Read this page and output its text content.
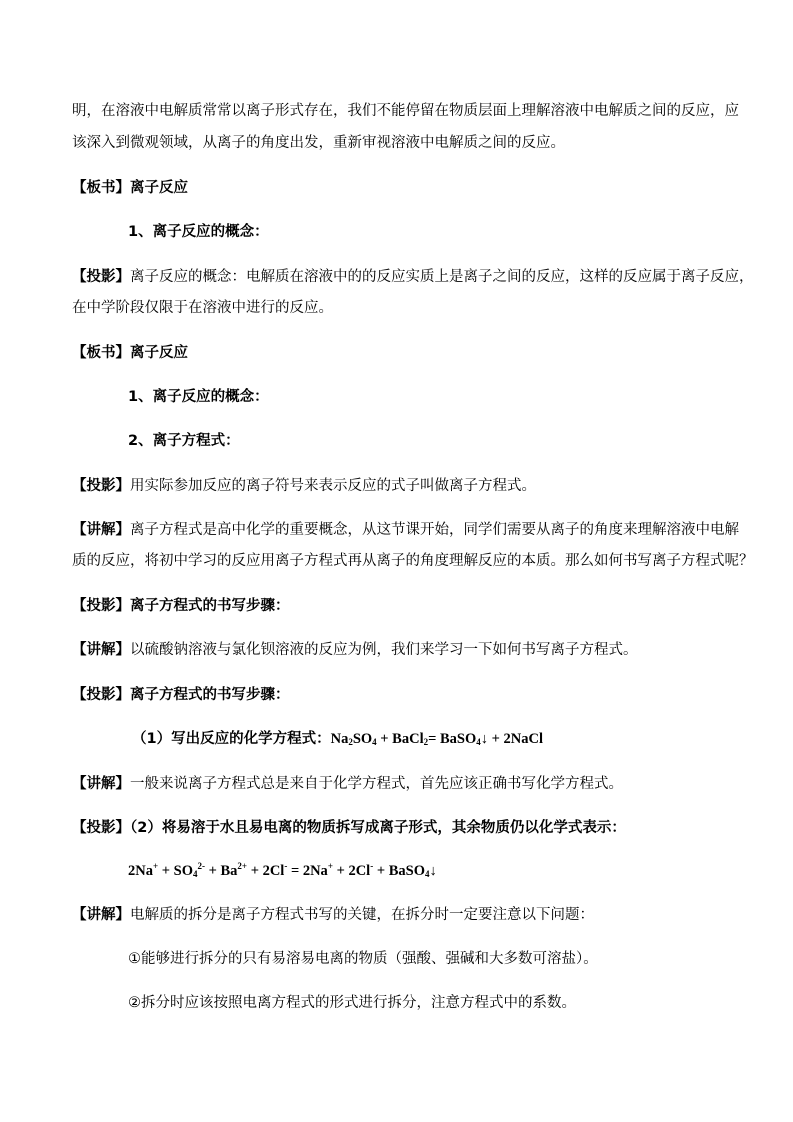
明，在溶液中电解质常常以离子形式存在，我们不能停留在物质层面上理解溶液中电解质之间的反应，应
该深入到微观领域，从离子的角度出发，重新审视溶液中电解质之间的反应。
【板书】离子反应
1、离子反应的概念：
【投影】离子反应的概念：电解质在溶液中的的反应实质上是离子之间的反应，这样的反应属于离子反应，
在中学阶段仅限于在溶液中进行的反应。
【板书】离子反应
1、离子反应的概念：
2、离子方程式：
【投影】用实际参加反应的离子符号来表示反应的式子叫做离子方程式。
【讲解】离子方程式是高中化学的重要概念，从这节课开始，同学们需要从离子的角度来理解溶液中电解
质的反应，将初中学习的反应用离子方程式再从离子的角度理解反应的本质。那么如何书写离子方程式呢？
【投影】离子方程式的书写步骤：
【讲解】以硫酸钠溶液与氯化钡溶液的反应为例，我们来学习一下如何书写离子方程式。
【投影】离子方程式的书写步骤：
（1）写出反应的化学方程式：$Na_2SO_4$ + BaCl$_2$= BaSO$_4$↓ + 2NaCl
【讲解】一般来说离子方程式总是来自于化学方程式，首先应该正确书写化学方程式。
【投影】（2）将易溶于水且易电离的物质拆写成离子形式，其余物质仍以化学式表示：
$2Na^+ + SO_4^{2-} + Ba^{2+} + 2Cl^- = 2Na^+ + 2Cl^-$ + BaSO$_4$↓
【讲解】电解质的拆分是离子方程式书写的关键，在拆分时一定要注意以下问题：
①能够进行拆分的只有易溶易电离的物质（强酸、强碱和大多数可溶盐）。
②拆分时应该按照电离方程式的形式进行拆分，注意方程式中的系数。
